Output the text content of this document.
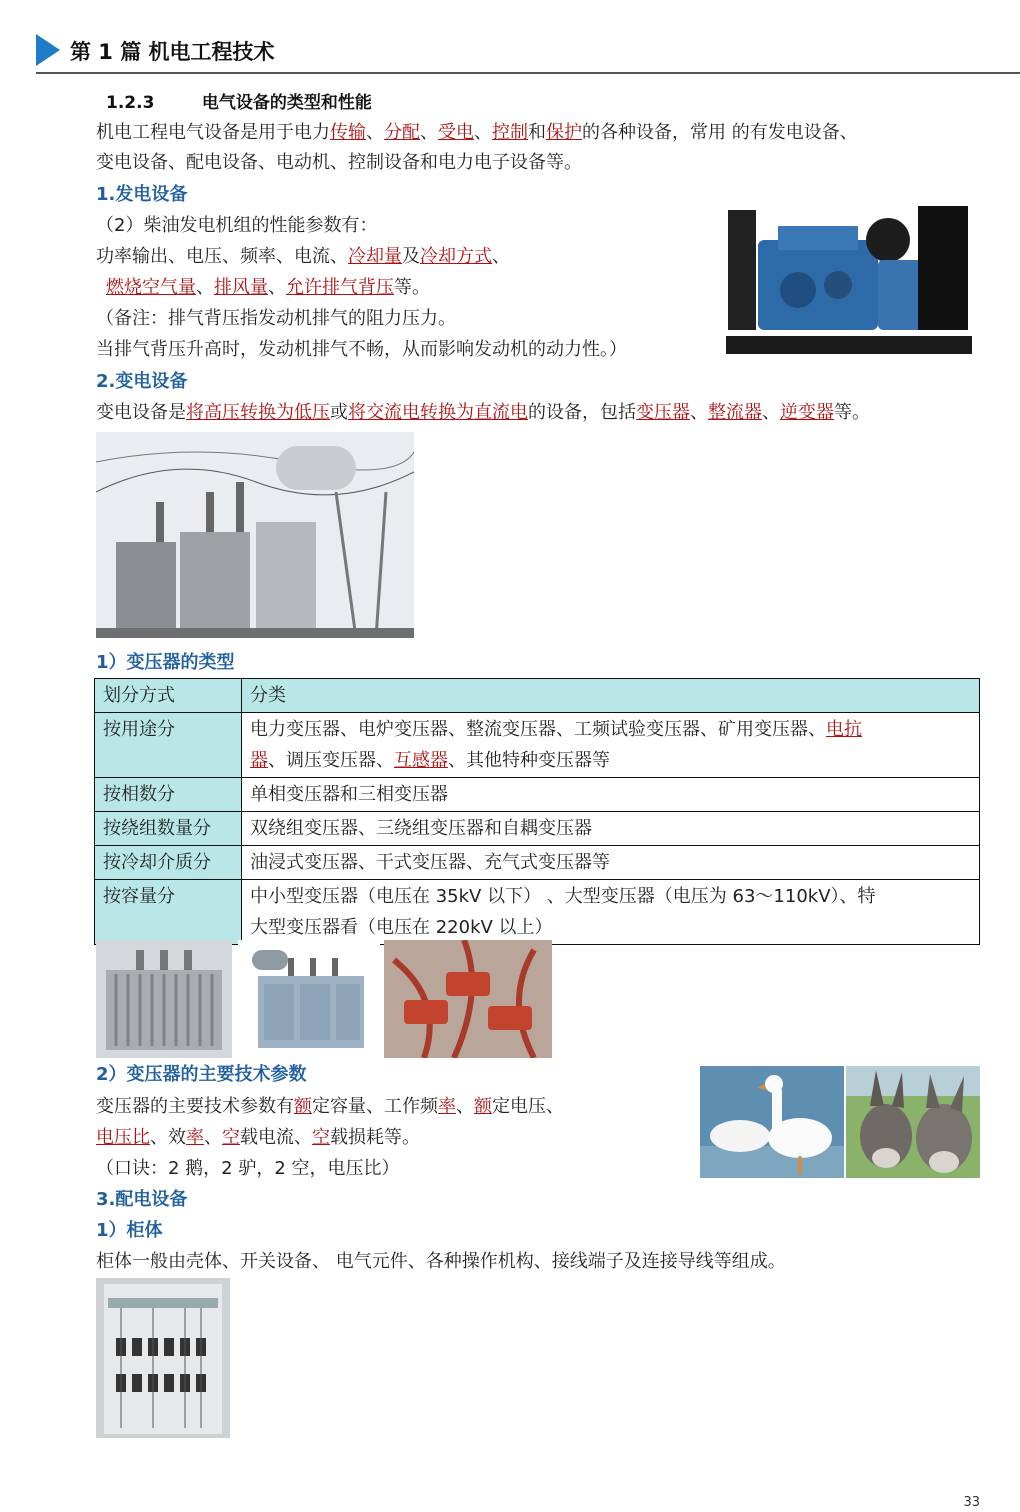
第 1 篇 机电工程技术
1.2.3	电气设备的类型和性能
机电工程电气设备是用于电力传输、分配、受电、控制和保护的各种设备，常用 的有发电设备、
变电设备、配电设备、电动机、控制设备和电力电子设备等。
1.发电设备
（2）柴油发电机组的性能参数有：
功率输出、电压、频率、电流、冷却量及冷却方式、
燃烧空气量、排风量、允许排气背压等。
（备注：排气背压指发动机排气的阻力压力。
当排气背压升高时，发动机排气不畅，从而影响发动机的动力性。）
2.变电设备
变电设备是将高压转换为低压或将交流电转换为直流电的设备，包括变压器、整流器、逆变器等。
1）变压器的类型
划分方式	分类
按用途分	电力变压器、电炉变压器、整流变压器、工频试验变压器、矿用变压器、电抗
器、调压变压器、互感器、其他特种变压器等
按相数分	单相变压器和三相变压器
按绕组数量分	双绕组变压器、三绕组变压器和自耦变压器
按冷却介质分	油浸式变压器、干式变压器、充气式变压器等
按容量分	中小型变压器（电压在 35kV 以下） 、大型变压器（电压为 63～110kV）、特
大型变压器看（电压在 220kV 以上）
2）变压器的主要技术参数
变压器的主要技术参数有额定容量、工作频率、额定电压、
电压比、效率、空载电流、空载损耗等。
（口诀：2 鹅，2 驴，2 空，电压比）
3.配电设备
1）柜体
柜体一般由壳体、开关设备、 电气元件、各种操作机构、接线端子及连接导线等组成。
33
